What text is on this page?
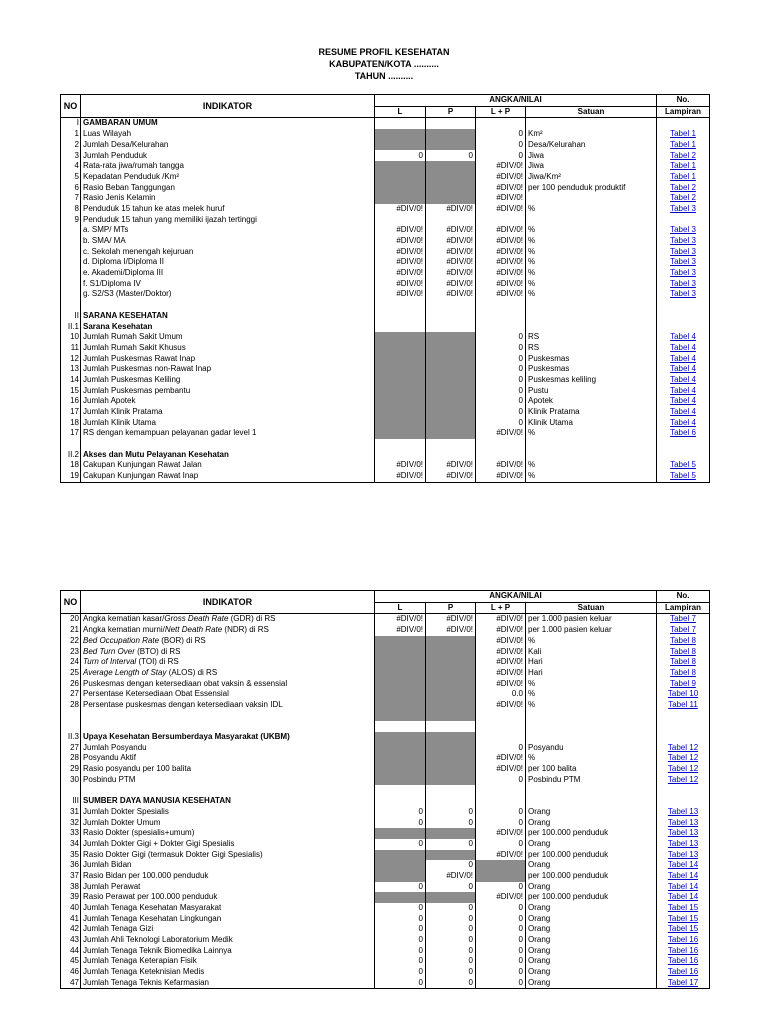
RESUME PROFIL KESEHATAN
KABUPATEN/KOTA ..........
TAHUN ..........
NO	INDIKATOR	ANGKA/NILAI				No.
		L	P	L + P	Satuan	Lampiran
I	GAMBARAN UMUM					
1	Luas Wilayah			0	Km²	Tabel 1
2	Jumlah Desa/Kelurahan			0	Desa/Kelurahan	Tabel 1
3	Jumlah Penduduk	0	0	0	Jiwa	Tabel 2
4	Rata-rata jiwa/rumah tangga			#DIV/0!	Jiwa	Tabel 1
5	Kepadatan Penduduk /Km²			#DIV/0!	Jiwa/Km²	Tabel 1
6	Rasio Beban Tanggungan			#DIV/0!	per 100 penduduk produktif	Tabel 2
7	Rasio Jenis Kelamin			#DIV/0!		Tabel 2
8	Penduduk 15 tahun ke atas melek huruf	#DIV/0!	#DIV/0!	#DIV/0!	%	Tabel 3
9	Penduduk 15 tahun yang memiliki ijazah tertinggi					
	a. SMP/ MTs	#DIV/0!	#DIV/0!	#DIV/0!	%	Tabel 3
	b. SMA/ MA	#DIV/0!	#DIV/0!	#DIV/0!	%	Tabel 3
	c. Sekolah menengah kejuruan	#DIV/0!	#DIV/0!	#DIV/0!	%	Tabel 3
	d. Diploma I/Diploma II	#DIV/0!	#DIV/0!	#DIV/0!	%	Tabel 3
	e. Akademi/Diploma III	#DIV/0!	#DIV/0!	#DIV/0!	%	Tabel 3
	f. S1/Diploma IV	#DIV/0!	#DIV/0!	#DIV/0!	%	Tabel 3
	g. S2/S3 (Master/Doktor)	#DIV/0!	#DIV/0!	#DIV/0!	%	Tabel 3

II	SARANA KESEHATAN					
II.1	Sarana Kesehatan					
10	Jumlah Rumah Sakit Umum			0	RS	Tabel 4
11	Jumlah Rumah Sakit Khusus			0	RS	Tabel 4
12	Jumlah Puskesmas Rawat Inap			0	Puskesmas	Tabel 4
13	Jumlah Puskesmas non-Rawat Inap			0	Puskesmas	Tabel 4
14	Jumlah Puskesmas Keliling			0	Puskesmas keliling	Tabel 4
15	Jumlah Puskesmas pembantu			0	Pustu	Tabel 4
16	Jumlah Apotek			0	Apotek	Tabel 4
17	Jumlah Klinik Pratama			0	Klinik Pratama	Tabel 4
18	Jumlah Klinik Utama			0	Klinik Utama	Tabel 4
17	RS dengan kemampuan pelayanan gadar level 1			#DIV/0!	%	Tabel 6

II.2	Akses dan Mutu Pelayanan Kesehatan					
18	Cakupan Kunjungan Rawat Jalan	#DIV/0!	#DIV/0!	#DIV/0!	%	Tabel 5
19	Cakupan Kunjungan Rawat Inap	#DIV/0!	#DIV/0!	#DIV/0!	%	Tabel 5
NO	INDIKATOR	ANGKA/NILAI				No.
		L	P	L + P	Satuan	Lampiran
20	Angka kematian kasar/Gross Death Rate (GDR) di RS	#DIV/0!	#DIV/0!	#DIV/0!	per 1.000 pasien keluar	Tabel 7
21	Angka kematian murni/Nett Death Rate (NDR) di RS	#DIV/0!	#DIV/0!	#DIV/0!	per 1.000 pasien keluar	Tabel 7
22	Bed Occupation Rate (BOR) di RS			#DIV/0!	%	Tabel 8
23	Bed Turn Over (BTO) di RS			#DIV/0!	Kali	Tabel 8
24	Turn of Interval (TOI) di RS			#DIV/0!	Hari	Tabel 8
25	Average Length of Stay (ALOS) di RS			#DIV/0!	Hari	Tabel 8
26	Puskesmas dengan ketersediaan obat vaksin & essensial			#DIV/0!	%	Tabel 9
27	Persentase Ketersediaan Obat Essensial			0.0	%	Tabel 10
28	Persentase puskesmas dengan ketersediaan vaksin IDL			#DIV/0!	%	Tabel 11

II.3	Upaya Kesehatan Bersumberdaya Masyarakat (UKBM)					
27	Jumlah Posyandu			0	Posyandu	Tabel 12
28	Posyandu Aktif			#DIV/0!	%	Tabel 12
29	Rasio posyandu per 100 balita			#DIV/0!	per 100 balita	Tabel 12
30	Posbindu PTM			0	Posbindu PTM	Tabel 12

III	SUMBER DAYA MANUSIA KESEHATAN					
31	Jumlah Dokter Spesialis	0	0	0	Orang	Tabel 13
32	Jumlah Dokter Umum	0	0	0	Orang	Tabel 13
33	Rasio Dokter (spesialis+umum)			#DIV/0!	per 100.000 penduduk	Tabel 13
34	Jumlah Dokter Gigi + Dokter Gigi Spesialis	0	0	0	Orang	Tabel 13
35	Rasio Dokter Gigi (termasuk Dokter Gigi Spesialis)			#DIV/0!	per 100.000 penduduk	Tabel 13
36	Jumlah Bidan		0		Orang	Tabel 14
37	Rasio Bidan per 100.000 penduduk		#DIV/0!		per 100.000 penduduk	Tabel 14
38	Jumlah Perawat	0	0	0	Orang	Tabel 14
39	Rasio Perawat per 100.000 penduduk			#DIV/0!	per 100.000 penduduk	Tabel 14
40	Jumlah Tenaga Kesehatan Masyarakat	0	0	0	Orang	Tabel 15
41	Jumlah Tenaga Kesehatan Lingkungan	0	0	0	Orang	Tabel 15
42	Jumlah Tenaga Gizi	0	0	0	Orang	Tabel 15
43	Jumlah Ahli Teknologi Laboratorium Medik	0	0	0	Orang	Tabel 16
44	Jumlah Tenaga Teknik Biomedika Lainnya	0	0	0	Orang	Tabel 16
45	Jumlah Tenaga Keterapian Fisik	0	0	0	Orang	Tabel 16
46	Jumlah Tenaga Keteknisian Medis	0	0	0	Orang	Tabel 16
47	Jumlah Tenaga Teknis Kefarmasian	0	0	0	Orang	Tabel 17
